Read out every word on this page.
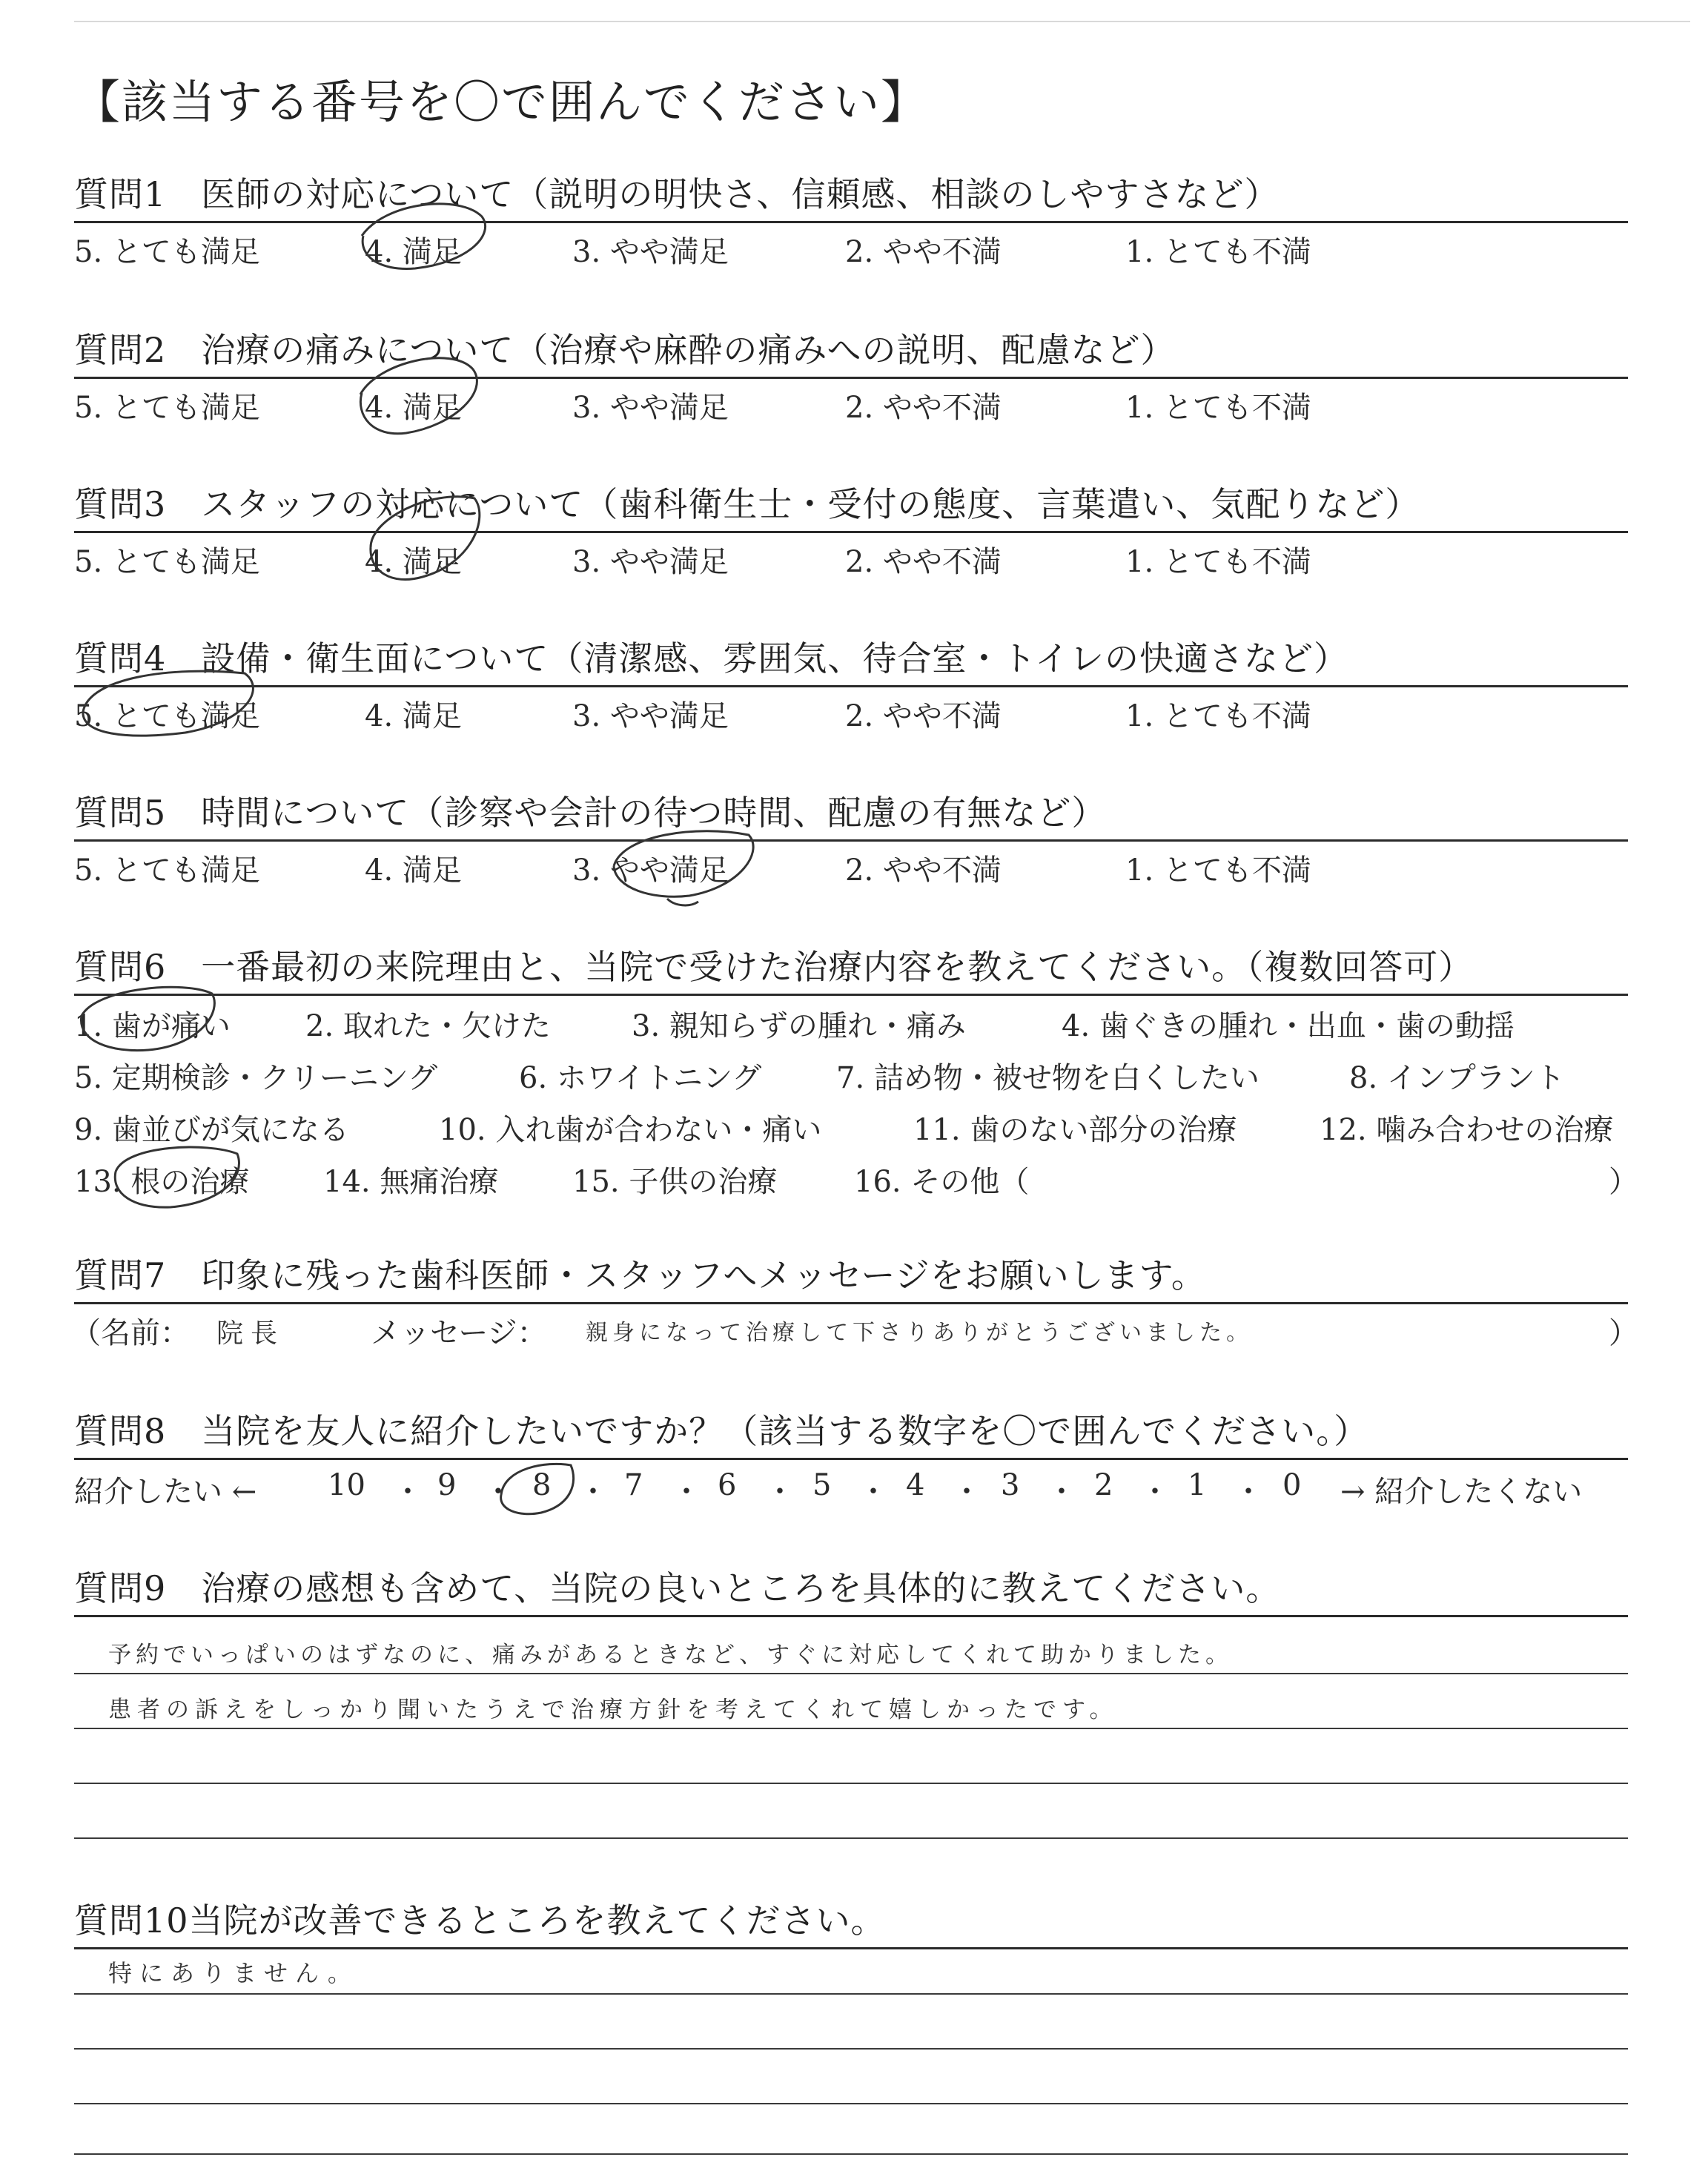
【該当する番号を〇で囲んでください】
質問1　 医師の対応について（説明の明快さ、信頼感、相談のしやすさなど）
5. とても満足	4. 満足	3. やや満足	2. やや不満	1. とても不満
質問2　 治療の痛みについて（治療や麻酔の痛みへの説明、配慮など）
5. とても満足	4. 満足	3. やや満足	2. やや不満	1. とても不満
質問3　 スタッフの対応について（歯科衛生士・受付の態度、言葉遣い、気配りなど）
5. とても満足	4. 満足	3. やや満足	2. やや不満	1. とても不満
質問4　 設備・衛生面について（清潔感、雰囲気、待合室・トイレの快適さなど）
5. とても満足	4. 満足	3. やや満足	2. やや不満	1. とても不満
質問5　 時間について（診察や会計の待つ時間、配慮の有無など）
5. とても満足	4. 満足	3. やや満足	2. やや不満	1. とても不満
質問6　 一番最初の来院理由と、当院で受けた治療内容を教えてください。（複数回答可）
1. 歯が痛い	2. 取れた・欠けた	3. 親知らずの腫れ・痛み	4. 歯ぐきの腫れ・出血・歯の動揺
5. 定期検診・クリーニング	6. ホワイトニング	7. 詰め物・被せ物を白くしたい	8. インプラント
9. 歯並びが気になる	10. 入れ歯が合わない・痛い	11. 歯のない部分の治療	12. 噛み合わせの治療
13. 根の治療 14. 無痛治療 15. 子供の治療	16. その他（	）
質問7　 印象に残った歯科医師・スタッフへメッセージをお願いします。
（名前： 院長	メッセージ： 親身になって治療して下さりありがとうございました。	）
質問8　 当院を友人に紹介したいですか？（該当する数字を〇で囲んでください。）
紹介したい ← 10 ・ 9 ・ 8 ・ 7 ・ 6 ・ 5 ・ 4 ・ 3 ・ 2 ・ 1 ・ 0 → 紹介したくない
質問9　 治療の感想も含めて、当院の良いところを具体的に教えてください。
予約でいっぱいのはずなのに、痛みがあるときなど、すぐに対応してくれて助かりました。
患者の訴えをしっかり聞いたうえで治療方針を考えてくれて嬉しかったです。
質問10当院が改善できるところを教えてください。
特にありません。
